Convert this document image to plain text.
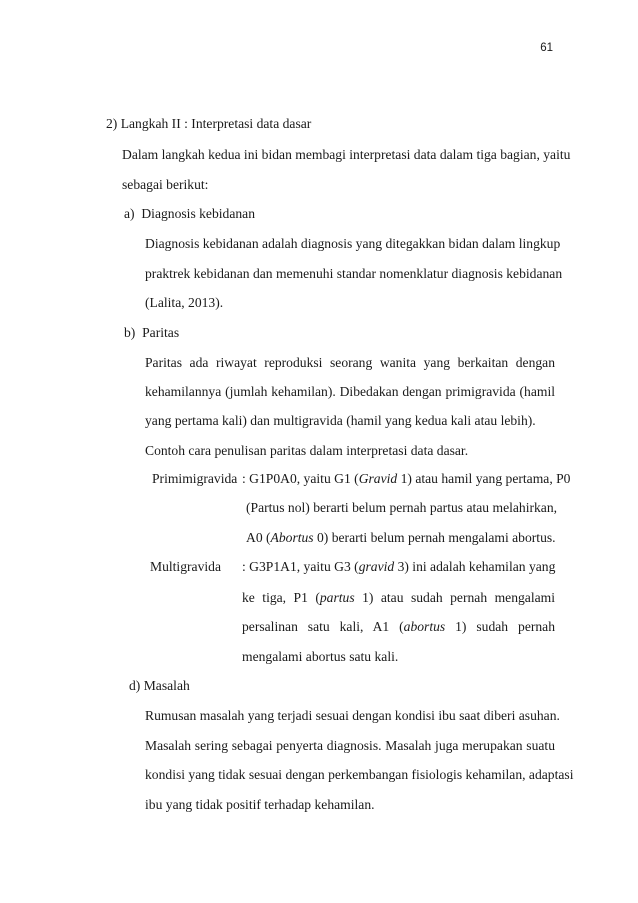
61
2) Langkah II : Interpretasi data dasar
Dalam langkah kedua ini bidan membagi interpretasi data dalam tiga bagian, yaitu
sebagai berikut:
a)  Diagnosis kebidanan
Diagnosis kebidanan adalah diagnosis yang ditegakkan bidan dalam lingkup
praktrek kebidanan dan memenuhi standar nomenklatur diagnosis kebidanan
(Lalita, 2013).
b)  Paritas
Paritas ada riwayat reproduksi seorang wanita yang berkaitan dengan
kehamilannya (jumlah kehamilan). Dibedakan dengan primigravida (hamil
yang pertama kali) dan multigravida (hamil yang kedua kali atau lebih).
Contoh cara penulisan paritas dalam interpretasi data dasar.
Primimigravida : G1P0A0, yaitu G1 (Gravid 1) atau hamil yang pertama, P0
(Partus nol) berarti belum pernah partus atau melahirkan,
A0 (Abortus 0) berarti belum pernah mengalami abortus.
Multigravida : G3P1A1, yaitu G3 (gravid 3) ini adalah kehamilan yang
ke tiga, P1 (partus 1) atau sudah pernah mengalami
persalinan satu kali, A1 (abortus 1) sudah pernah
mengalami abortus satu kali.
d) Masalah
Rumusan masalah yang terjadi sesuai dengan kondisi ibu saat diberi asuhan.
Masalah sering sebagai penyerta diagnosis. Masalah juga merupakan suatu
kondisi yang tidak sesuai dengan perkembangan fisiologis kehamilan, adaptasi
ibu yang tidak positif terhadap kehamilan.
